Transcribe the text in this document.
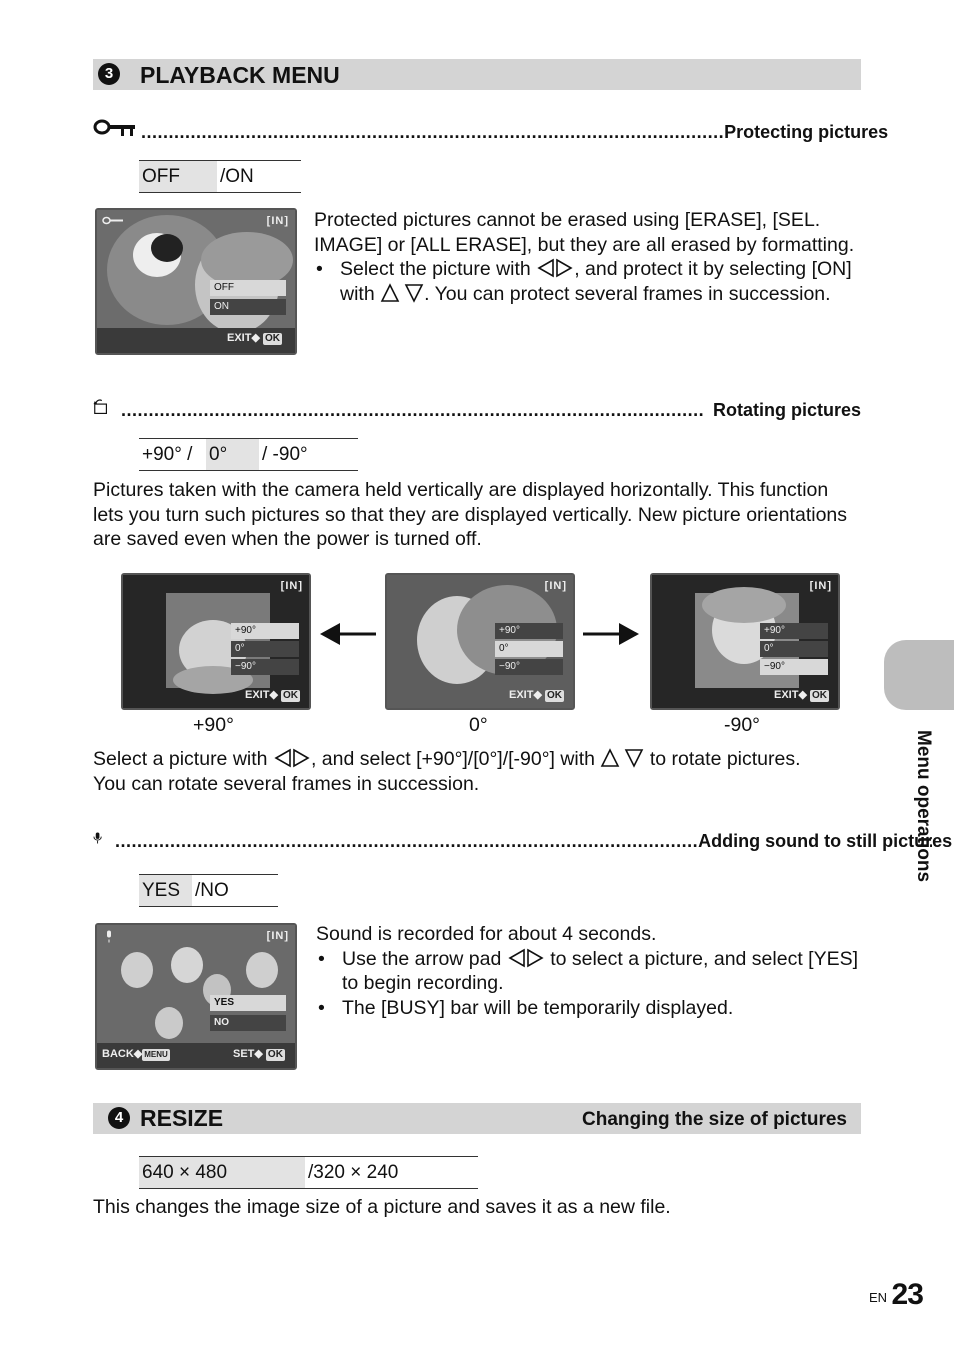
3 PLAYBACK MENU
.......................................................................................................... Protecting pictures
OFF	/ON
[IN]
OFF
ON
EXIT◆ OK
Protected pictures cannot be erased using [ERASE], [SEL. IMAGE] or [ALL ERASE], but they are all erased by formatting.
• Select the picture with , and protect it by selecting [ON] with	. You can protect several frames in succession.
.......................................................................................................... Rotating pictures
+90° / 0°	/ -90°
Pictures taken with the camera held vertically are displayed horizontally. This function lets you turn such pictures so that they are displayed vertically. New picture orientations are saved even when the power is turned off.
[IN]
+90°
0°
−90°
EXIT◆ OK
[IN]
+90°
0°
−90°
EXIT◆ OK
[IN]
+90°
0°
−90°
EXIT◆ OK
+90°	0°	-90°
Select a picture with , and select [+90°]/[0°]/[-90°] with	to rotate pictures. You can rotate several frames in succession.
.......................................................................................................... Adding sound to still pictures
YES /NO
[IN]
YES
NO
BACK◆ MENU	SET◆ OK
Sound is recorded for about 4 seconds.
• Use the arrow pad	to select a picture, and select [YES] to begin recording.
• The [BUSY] bar will be temporarily displayed.
4 RESIZE	Changing the size of pictures
640 × 480	/320 × 240
This changes the image size of a picture and saves it as a new file.
Menu operations
EN 23
